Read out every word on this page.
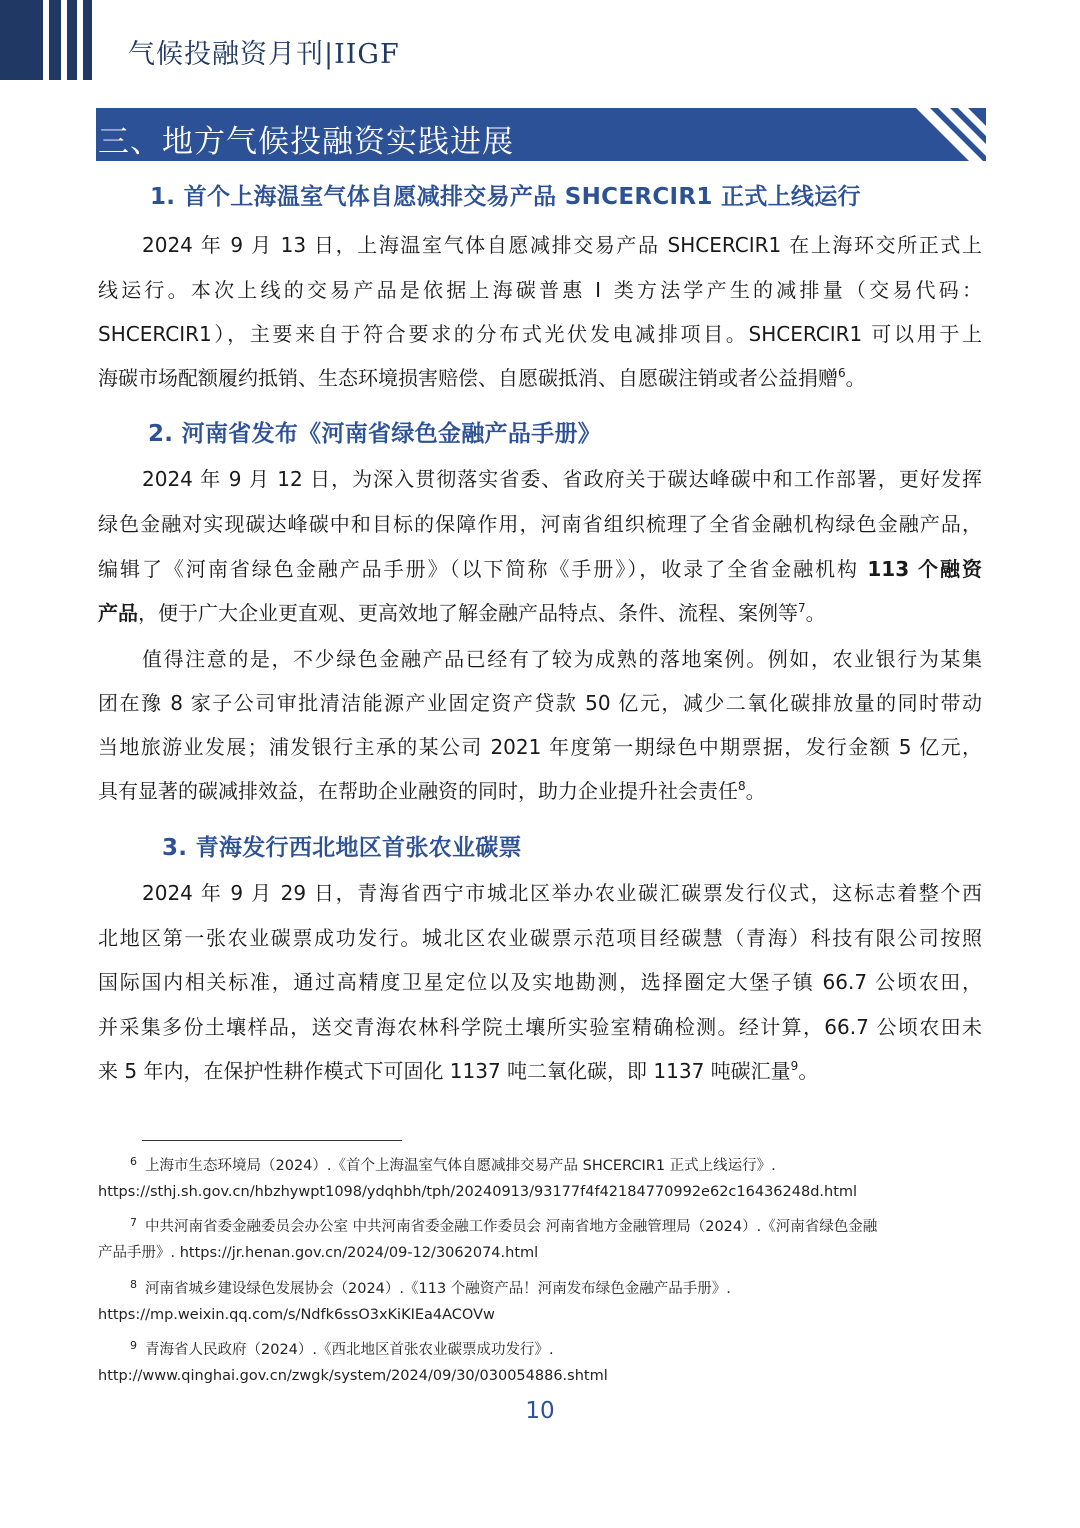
气候投融资月刊|IIGF
三、地方气候投融资实践进展
1. 首个上海温室气体自愿减排交易产品 SHCERCIR1 正式上线运行
2024 年 9 月 13 日，上海温室气体自愿减排交易产品 SHCERCIR1 在上海环交所正式上
线运行。本次上线的交易产品是依据上海碳普惠 Ⅰ 类方法学产生的减排量（交易代码：
SHCERCIR1），主要来自于符合要求的分布式光伏发电减排项目。SHCERCIR1 可以用于上
海碳市场配额履约抵销、生态环境损害赔偿、自愿碳抵消、自愿碳注销或者公益捐赠$^6$。
2. 河南省发布《河南省绿色金融产品手册》
2024 年 9 月 12 日，为深入贯彻落实省委、省政府关于碳达峰碳中和工作部署，更好发挥
绿色金融对实现碳达峰碳中和目标的保障作用，河南省组织梳理了全省金融机构绿色金融产品，
编辑了《河南省绿色金融产品手册》（以下简称《手册》），收录了全省金融机构 113 个融资
产品，便于广大企业更直观、更高效地了解金融产品特点、条件、流程、案例等$^7$。
值得注意的是，不少绿色金融产品已经有了较为成熟的落地案例。例如，农业银行为某集
团在豫 8 家子公司审批清洁能源产业固定资产贷款 50 亿元，减少二氧化碳排放量的同时带动
当地旅游业发展；浦发银行主承的某公司 2021 年度第一期绿色中期票据，发行金额 5 亿元，
具有显著的碳减排效益，在帮助企业融资的同时，助力企业提升社会责任$^8$。
3. 青海发行西北地区首张农业碳票
2024 年 9 月 29 日，青海省西宁市城北区举办农业碳汇碳票发行仪式，这标志着整个西
北地区第一张农业碳票成功发行。城北区农业碳票示范项目经碳慧（青海）科技有限公司按照
国际国内相关标准，通过高精度卫星定位以及实地勘测，选择圈定大堡子镇 66.7 公顷农田，
并采集多份土壤样品，送交青海农林科学院土壤所实验室精确检测。经计算，66.7 公顷农田未
来 5 年内，在保护性耕作模式下可固化 1137 吨二氧化碳，即 1137 吨碳汇量$^9$。
$^6$ 上海市生态环境局（2024）.《首个上海温室气体自愿减排交易产品 SHCERCIR1 正式上线运行》.
https://sthj.sh.gov.cn/hbzhywpt1098/ydqhbh/tph/20240913/93177f4f42184770992e62c16436248d.html
$^7$ 中共河南省委金融委员会办公室 中共河南省委金融工作委员会 河南省地方金融管理局（2024）.《河南省绿色金融
产品手册》. https://jr.henan.gov.cn/2024/09-12/3062074.html
$^8$ 河南省城乡建设绿色发展协会（2024）.《113 个融资产品！河南发布绿色金融产品手册》.
https://mp.weixin.qq.com/s/Ndfk6ssO3xKiKIEa4ACOVw
$^9$ 青海省人民政府（2024）.《西北地区首张农业碳票成功发行》.
http://www.qinghai.gov.cn/zwgk/system/2024/09/30/030054886.shtml
10
